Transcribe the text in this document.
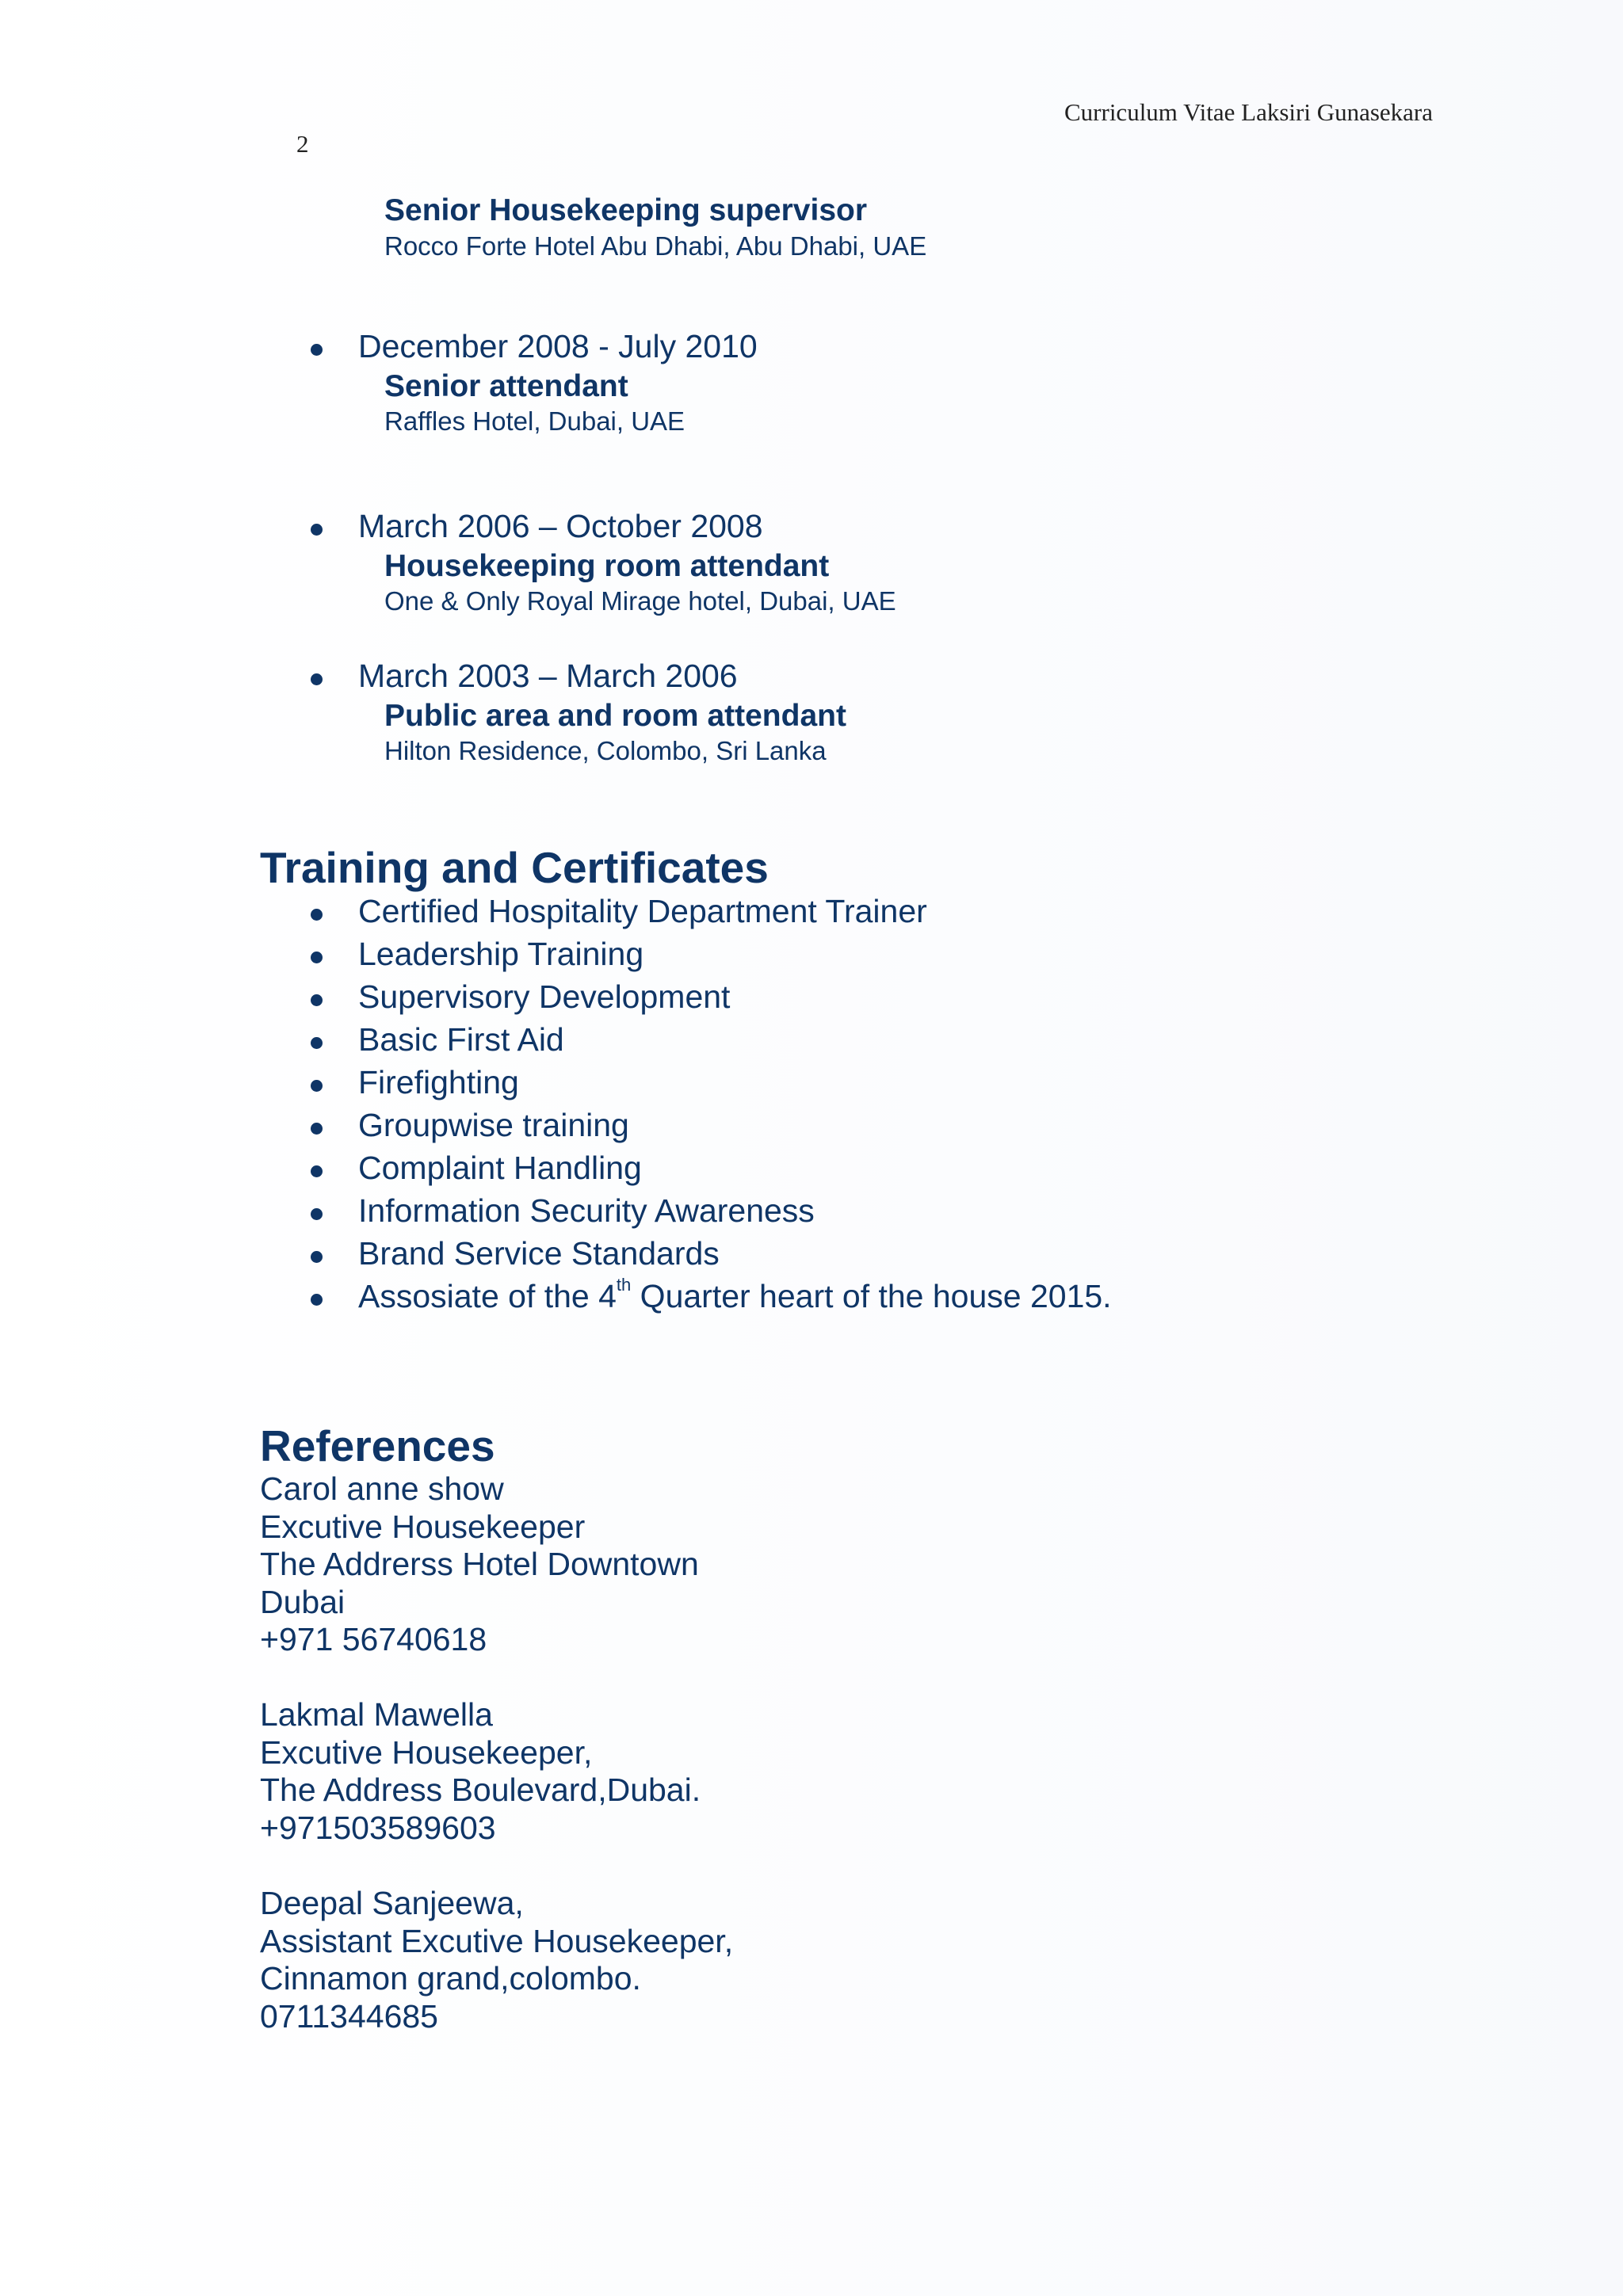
Curriculum Vitae Laksiri Gunasekara
2
Senior Housekeeping supervisor
Rocco Forte Hotel Abu Dhabi, Abu Dhabi, UAE
December 2008 - July 2010
Senior attendant
Raffles Hotel, Dubai, UAE
March 2006 – October 2008
Housekeeping room attendant
One & Only Royal Mirage hotel, Dubai, UAE
March 2003 – March 2006
Public area and room attendant
Hilton Residence, Colombo, Sri Lanka
Training and Certificates
Certified Hospitality Department Trainer
Leadership Training
Supervisory Development
Basic First Aid
Firefighting
Groupwise training
Complaint Handling
Information Security Awareness
Brand Service Standards
Assosiate of the 4th Quarter heart of the house 2015.
References
Carol anne show
Excutive Housekeeper
The Addrerss Hotel Downtown
Dubai
+971 56740618
Lakmal Mawella
Excutive Housekeeper,
The Address Boulevard,Dubai.
+971503589603
Deepal Sanjeewa,
Assistant Excutive Housekeeper,
Cinnamon grand,colombo.
0711344685
